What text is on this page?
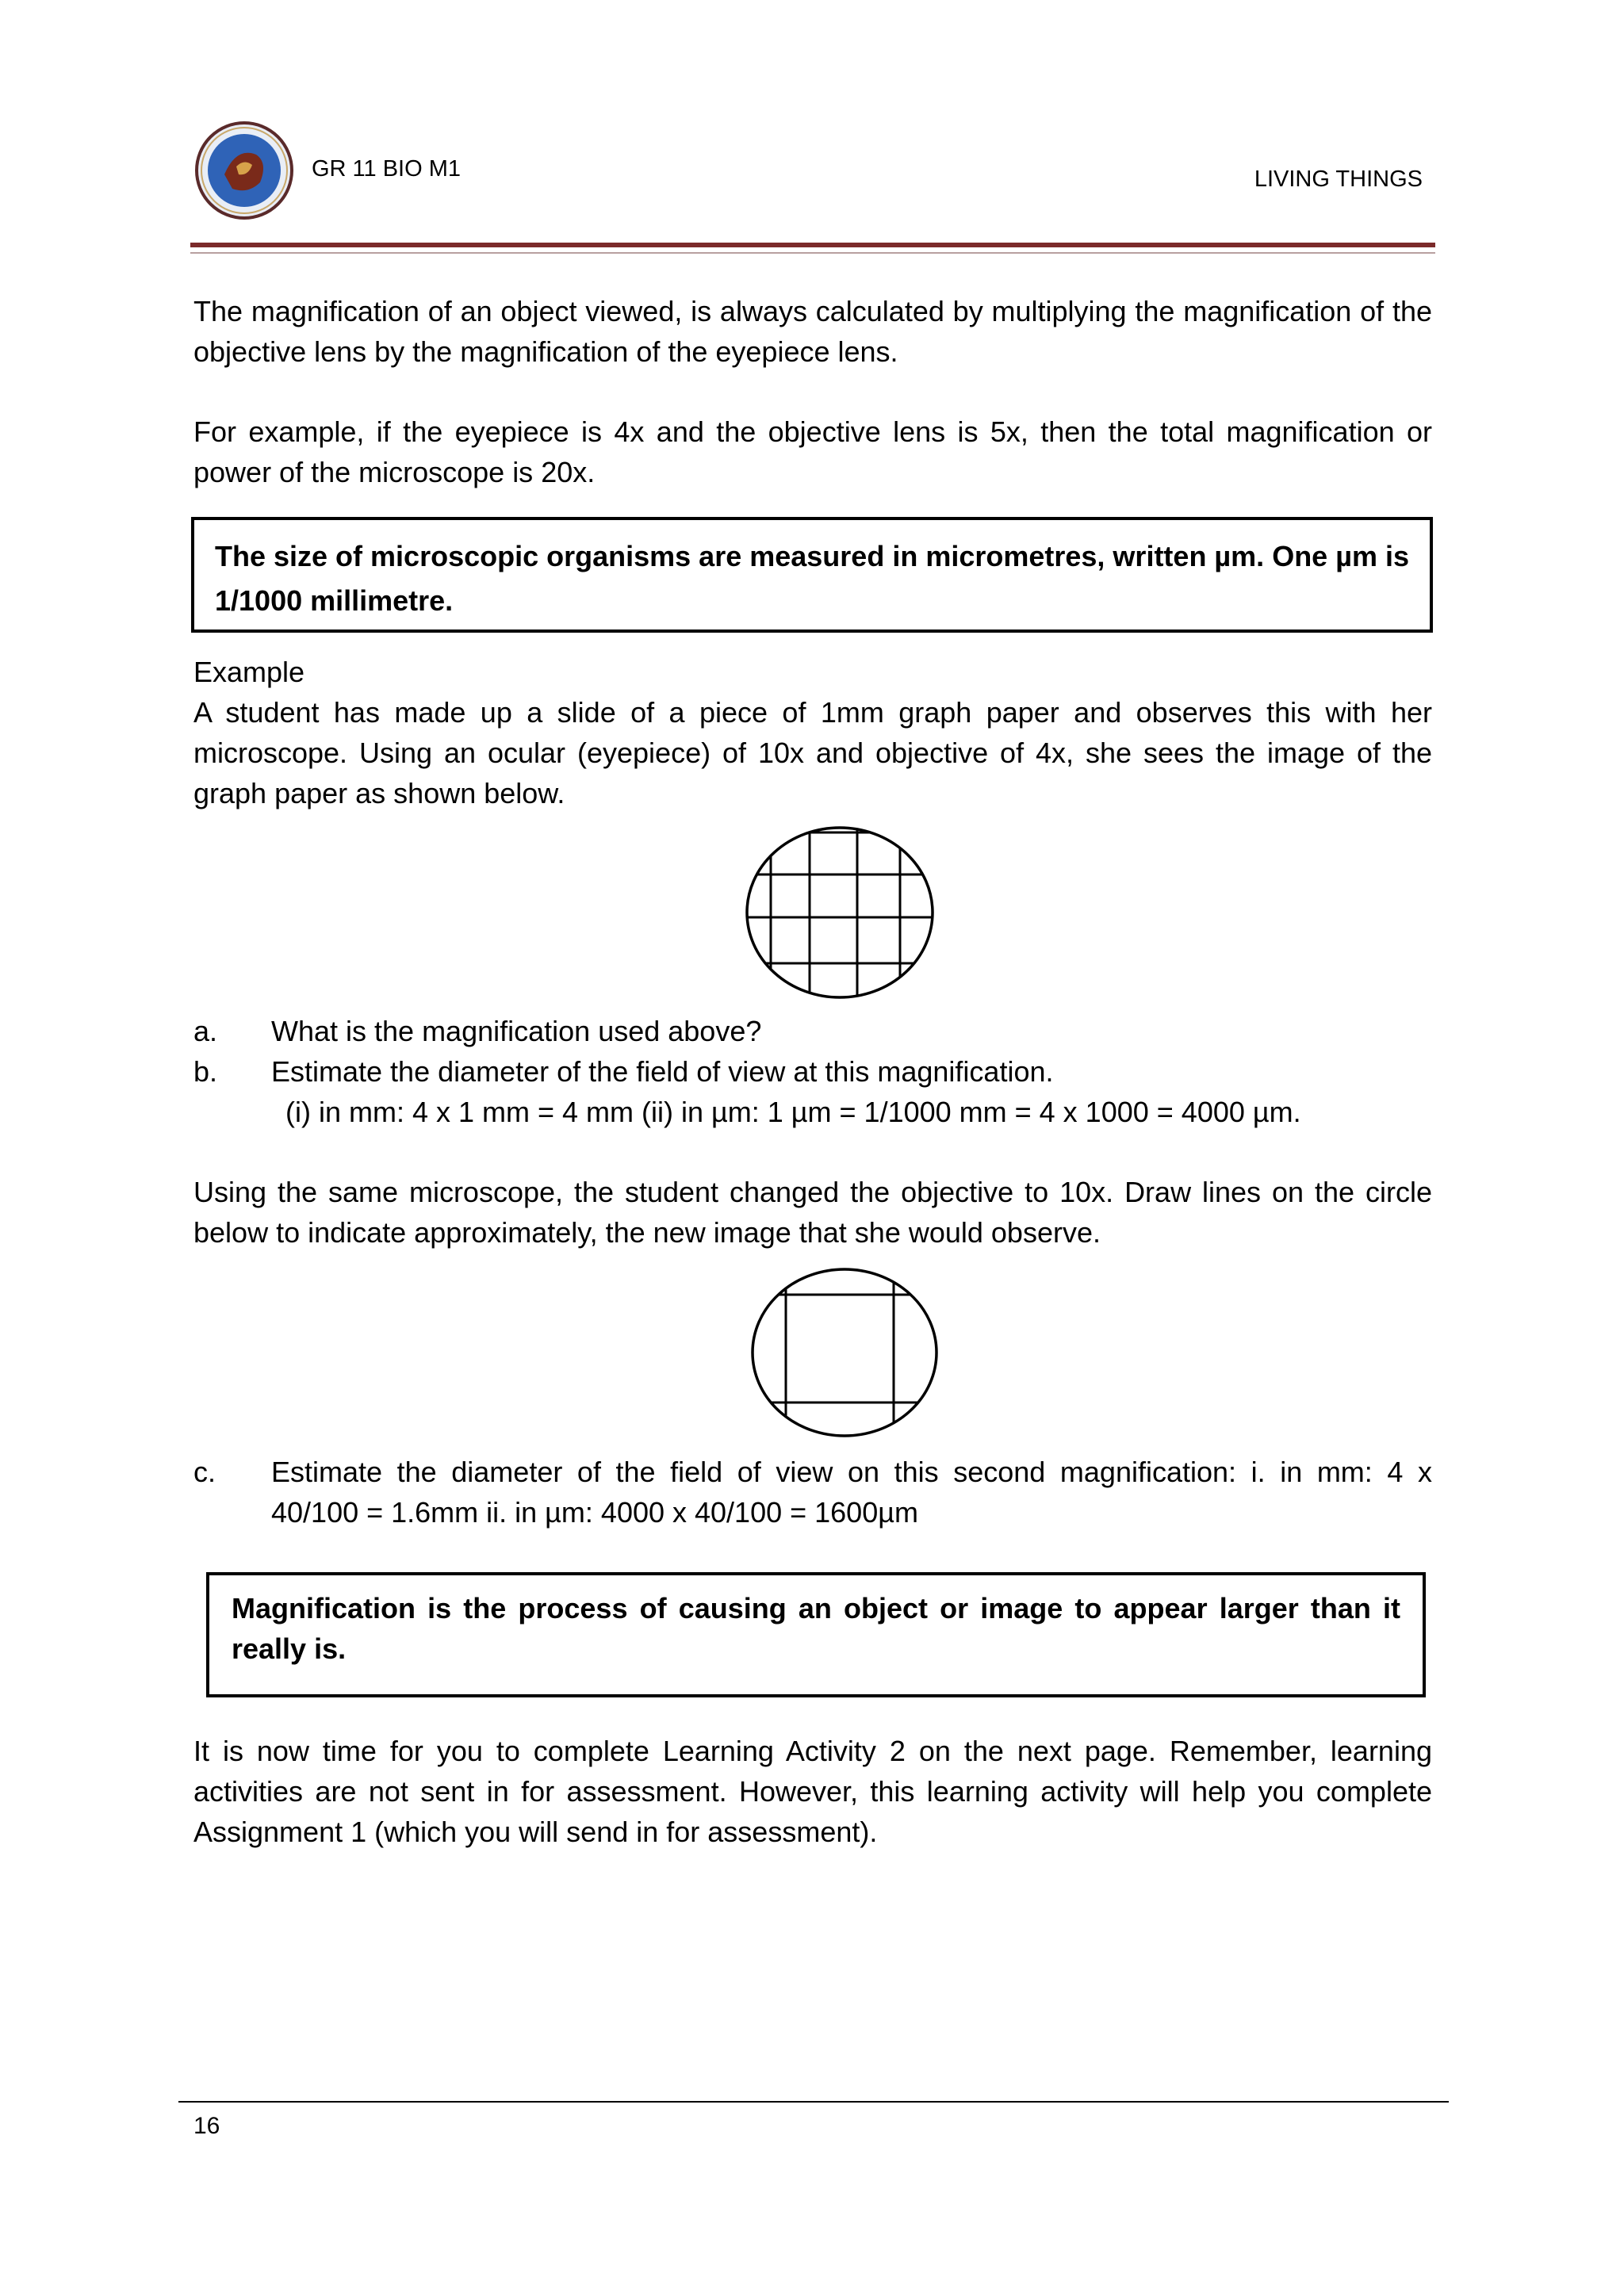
GR 11 BIO M1	LIVING THINGS
The magnification of an object viewed, is always calculated by multiplying the magnification of the objective lens by the magnification of the eyepiece lens.
For example, if the eyepiece is 4x and the objective lens is 5x, then the total magnification or power of the microscope is 20x.
The size of microscopic organisms are measured in micrometres, written µm. One µm is 1/1000 millimetre.
Example
A student has made up a slide of a piece of 1mm graph paper and observes this with her microscope. Using an ocular (eyepiece) of 10x and objective of 4x, she sees the image of the graph paper as shown below.
a. What is the magnification used above?
b. Estimate the diameter of the field of view at this magnification.
(i) in mm: 4 x 1 mm = 4 mm (ii) in µm: 1 µm = 1/1000 mm = 4 x 1000 = 4000 µm.
Using the same microscope, the student changed the objective to 10x. Draw lines on the circle below to indicate approximately, the new image that she would observe.
c. Estimate the diameter of the field of view on this second magnification: i. in mm: 4 x
40/100 = 1.6mm ii. in µm: 4000 x 40/100 = 1600µm
Magnification is the process of causing an object or image to appear larger than it really is.
It is now time for you to complete Learning Activity 2 on the next page. Remember, learning activities are not sent in for assessment. However, this learning activity will help you complete Assignment 1 (which you will send in for assessment).
16
